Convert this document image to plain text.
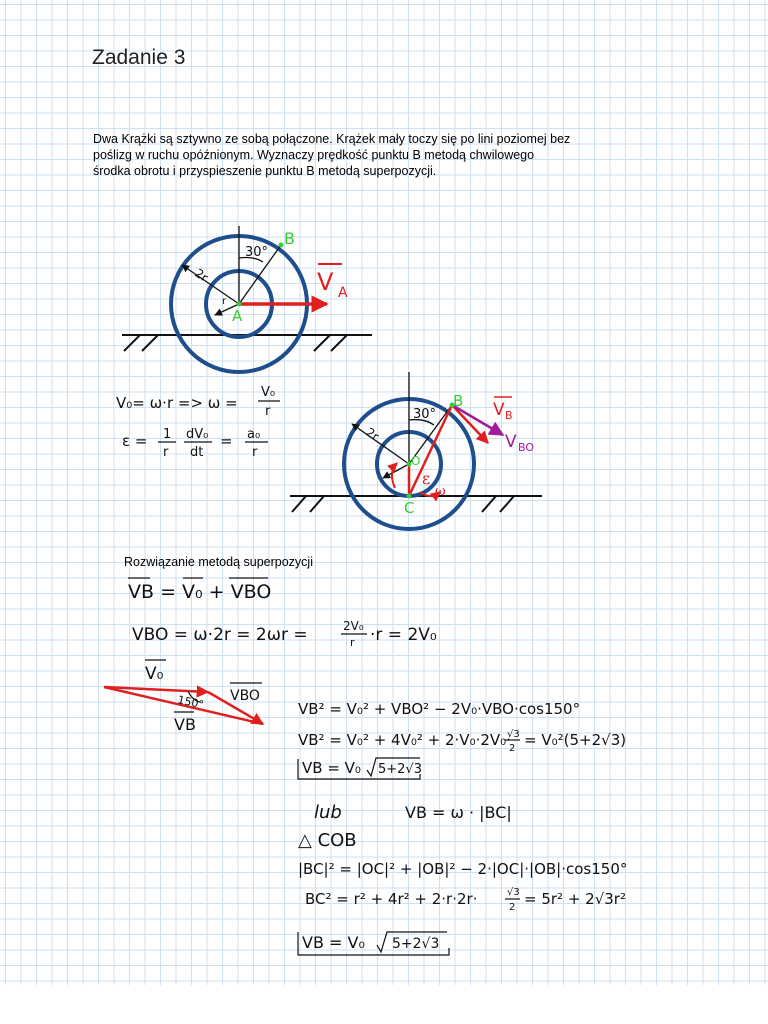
Zadanie 3
Dwa Krążki są sztywno ze sobą połączone. Krążek mały toczy się po lini poziomej bez
poślizg w ruchu opóźnionym. Wyznaczy prędkość punktu B metodą chwilowego
środka obrotu i przyspieszenie punktu B metodą superpozycji.
Rozwiązanie metodą superpozycji
30°
2r
r
B
A
V A
30°
2r
r
ε
ω
B
O
C
V B
V BO
V₀= ω·r => ω =
V₀
r
ε = 1
r
dV₀
dt
= a₀
r
VB = V₀ + VBO
VBO = ω·2r = 2ωr =	2V₀
r ·r = 2V₀
V₀
VBO
150°
VB
VB² = V₀² + VBO² − 2V₀·VBO·cos150°
VB² = V₀² + 4V₀² + 2·V₀·2V₀·
√3
2 = V₀²(5+2√3)
VB = V₀ 5+2√3
lub	VB = ω · |BC|
△ COB
|BC|² = |OC|² + |OB|² − 2·|OC|·|OB|·cos150°
BC² = r² + 4r² + 2·r·2r·	√3
2 = 5r² + 2√3r²
VB = V₀ 5+2√3
